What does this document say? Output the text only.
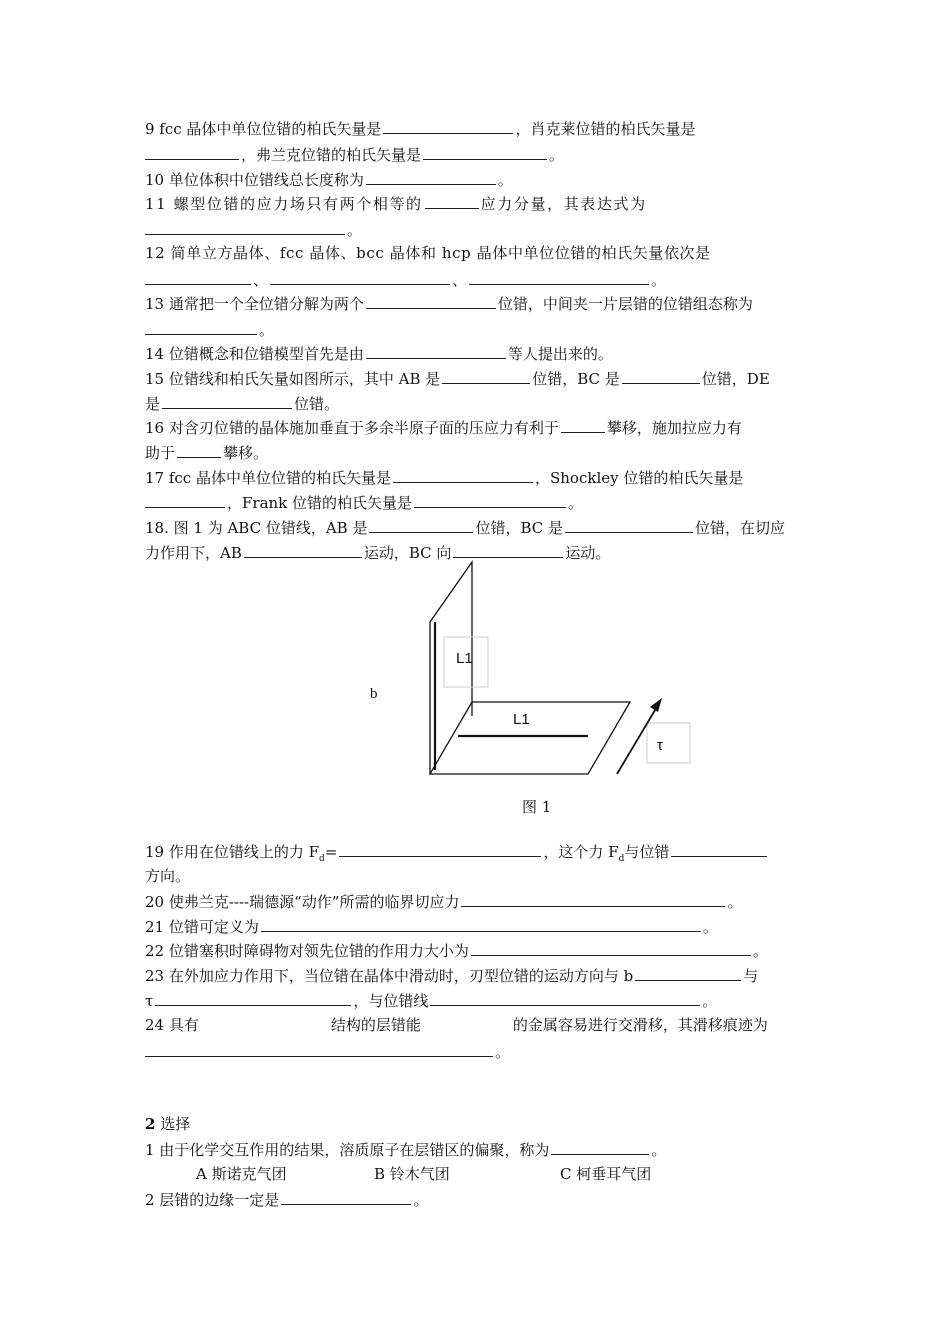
9 fcc 晶体中单位位错的柏氏矢量是	，肖克莱位错的柏氏矢量是
，弗兰克位错的柏氏矢量是	。
10 单位体积中位错线总长度称为	。
11 螺型位错的应力场只有两个相等的	应力分量，其表达式为
。
12 简单立方晶体、fcc 晶体、bcc 晶体和 hcp 晶体中单位位错的柏氏矢量依次是
、	、	。
13 通常把一个全位错分解为两个	位错，中间夹一片层错的位错组态称为
。
14 位错概念和位错模型首先是由	等人提出来的。
15 位错线和柏氏矢量如图所示，其中 AB 是	位错，BC 是	位错，DE
是	位错。
16 对含刃位错的晶体施加垂直于多余半原子面的压应力有利于	攀移，施加拉应力有
助于	攀移。
17 fcc 晶体中单位位错的柏氏矢量是	，Shockley 位错的柏氏矢量是
，Frank 位错的柏氏矢量是	。
18. 图 1 为 ABC 位错线，AB 是	位错，BC 是	位错，在切应
力作用下，AB	运动，BC 向	运动。
b
L1
L1
τ
图 1
19 作用在位错线上的力 $F_d=$	，这个力 $F_d$与位错
方向。
20 使弗兰克----瑞德源“动作”所需的临界切应力	。
21 位错可定义为	。
22 位错塞积时障碍物对领先位错的作用力大小为	。
23 在外加应力作用下，当位错在晶体中滑动时，刃型位错的运动方向与 b	与
τ	，与位错线	。
24 具有	结构的层错能	的金属容易进行交滑移，其滑移痕迹为
。
2 选择
1 由于化学交互作用的结果，溶质原子在层错区的偏聚，称为	。
A 斯诺克气团	B 铃木气团	C 柯垂耳气团
2 层错的边缘一定是	。
